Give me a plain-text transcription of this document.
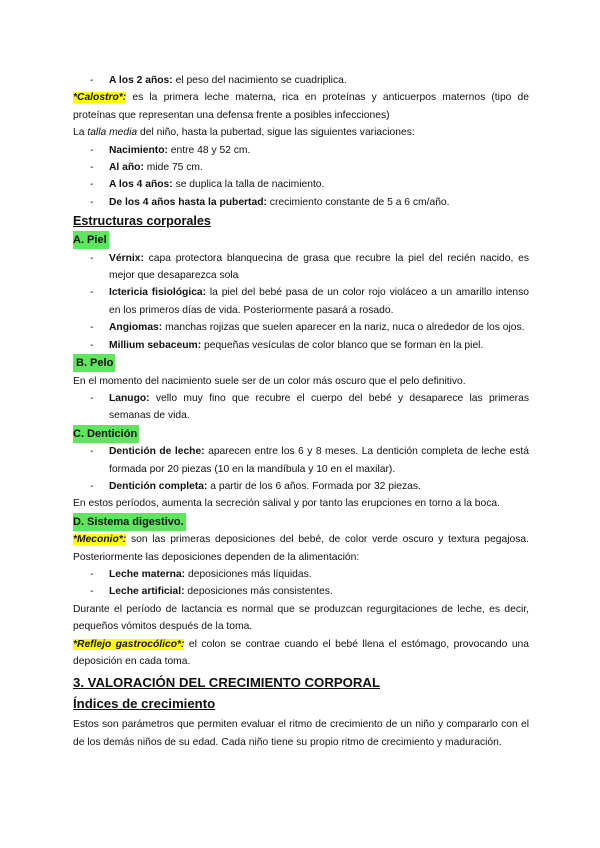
- A los 2 años: el peso del nacimiento se cuadriplica.

*Calostro*: es la primera leche materna, rica en proteínas y anticuerpos maternos (tipo de proteínas que representan una defensa frente a posibles infecciones)

La talla media del niño, hasta la pubertad, sigue las siguientes variaciones:

- Nacimiento: entre 48 y 52 cm.

- Al año: mide 75 cm.

- A los 4 años: se duplica la talla de nacimiento.

- De los 4 años hasta la pubertad: crecimiento constante de 5 a 6 cm/año.

Estructuras corporales

A. Piel

- Vérnix: capa protectora blanquecina de grasa que recubre la piel del recién nacido, es mejor que desaparezca sola

- Ictericia fisiológica: la piel del bebé pasa de un color rojo violáceo a un amarillo intenso en los primeros días de vida. Posteriormente pasará a rosado.

- Angiomas: manchas rojizas que suelen aparecer en la nariz, nuca o alrededor de los ojos.

- Millium sebaceum: pequeñas vesículas de color blanco que se forman en la piel.

B. Pelo

En el momento del nacimiento suele ser de un color más oscuro que el pelo definitivo.

- Lanugo: vello muy fino que recubre el cuerpo del bebé y desaparece las primeras semanas de vida.

C. Dentición

- Dentición de leche: aparecen entre los 6 y 8 meses. La dentición completa de leche está formada por 20 piezas (10 en la mandíbula y 10 en el maxilar).

- Dentición completa: a partir de los 6 años. Formada por 32 piezas.

En estos períodos, aumenta la secreción salival y por tanto las erupciones en torno a la boca.

D. Sistema digestivo.

*Meconio*: son las primeras deposiciones del bebé, de color verde oscuro y textura pegajosa. Posteriormente las deposiciones dependen de la alimentación:

- Leche materna: deposiciones más líquidas.

- Leche artificial: deposiciones más consistentes.

Durante el período de lactancia es normal que se produzcan regurgitaciones de leche, es decir, pequeños vómitos después de la toma.

*Reflejo gastrocólico*: el colon se contrae cuando el bebé llena el estómago, provocando una deposición en cada toma.

3. VALORACIÓN DEL CRECIMIENTO CORPORAL

Índices de crecimiento

Estos son parámetros que permiten evaluar el ritmo de crecimiento de un niño y compararlo con el de los demás niños de su edad. Cada niño tiene su propio ritmo de crecimiento y maduración.
